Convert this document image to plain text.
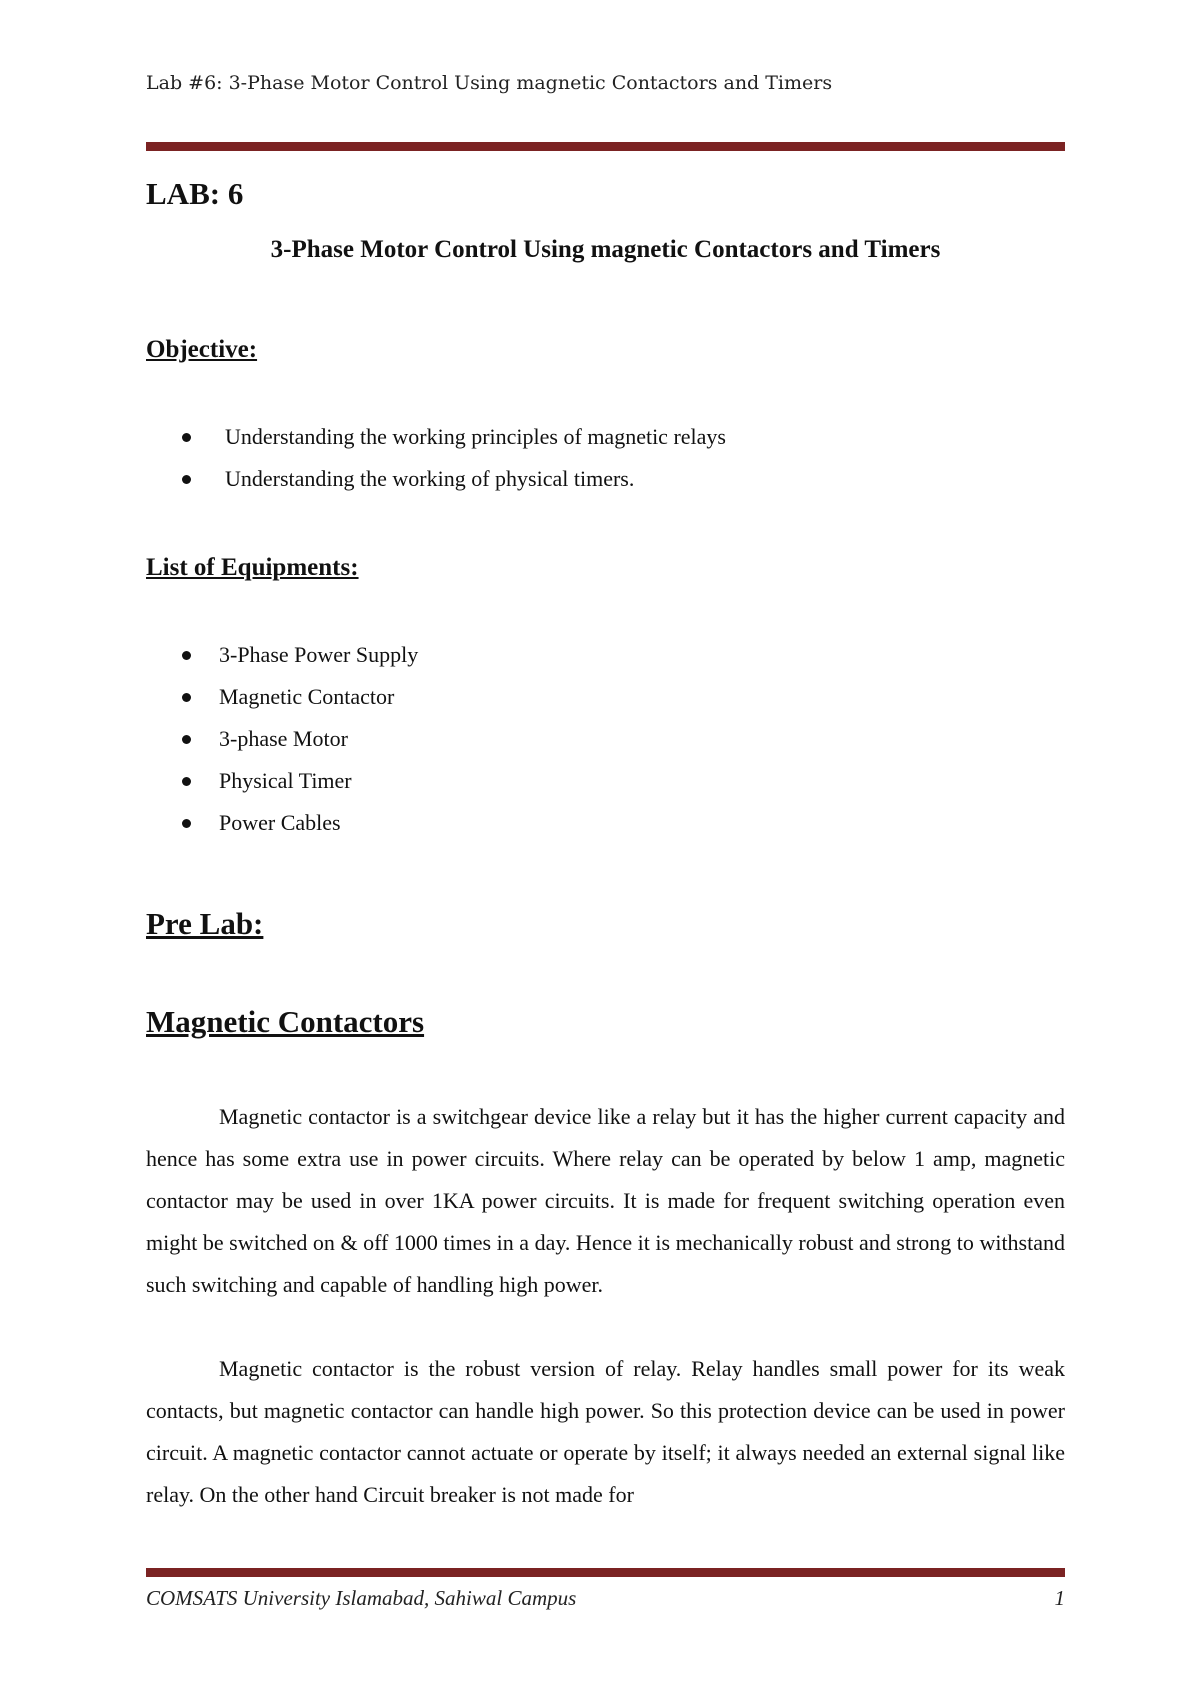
Lab #6: 3-Phase Motor Control Using magnetic Contactors and Timers
LAB: 6
3-Phase Motor Control Using magnetic Contactors and Timers
Objective:
Understanding the working principles of magnetic relays
Understanding the working of physical timers.
List of Equipments:
3-Phase Power Supply
Magnetic Contactor
3-phase Motor
Physical Timer
Power Cables
Pre Lab:
Magnetic Contactors

Magnetic contactor is a switchgear device like a relay but it has the higher current capacity and hence has some extra use in power circuits. Where relay can be operated by below 1 amp, magnetic contactor may be used in over 1KA power circuits. It is made for frequent switching operation even might be switched on & off 1000 times in a day. Hence it is mechanically robust and strong to withstand such switching and capable of handling high power.

Magnetic contactor is the robust version of relay. Relay handles small power for its weak contacts, but magnetic contactor can handle high power. So this protection device can be used in power circuit. A magnetic contactor cannot actuate or operate by itself; it always needed an external signal like relay. On the other hand Circuit breaker is not made for

COMSATS University Islamabad, Sahiwal Campus	1
